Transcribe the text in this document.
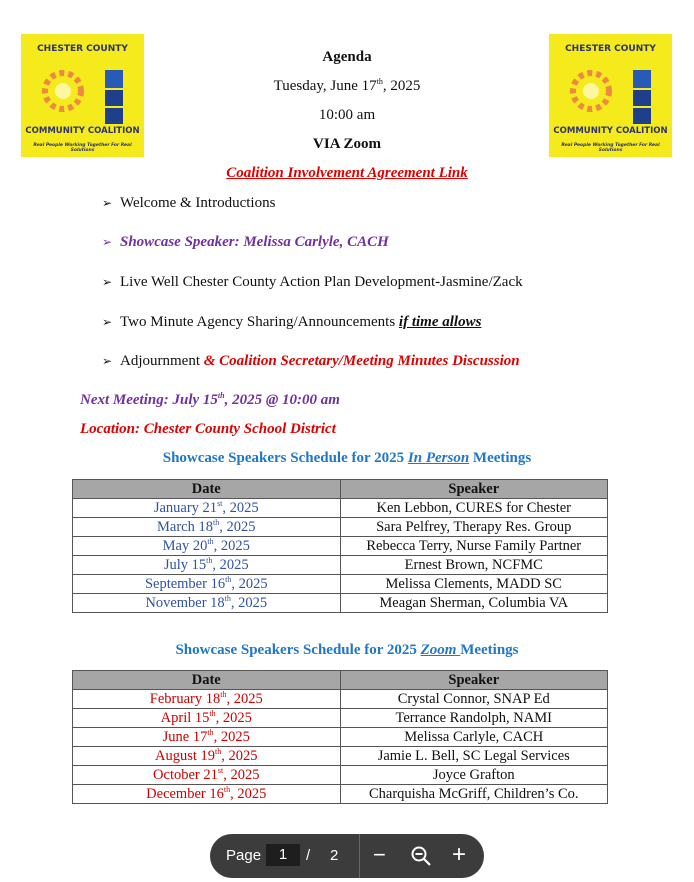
CHESTER COUNTY
COMMUNITY COALITION
Real People Working Together For Real Solutions
CHESTER COUNTY
COMMUNITY COALITION
Real People Working Together For Real Solutions
Agenda
Tuesday, June 17th, 2025
10:00 am
VIA Zoom
Coalition Involvement Agreement Link
➢ Welcome & Introductions
➢ Showcase Speaker: Melissa Carlyle, CACH
➢ Live Well Chester County Action Plan Development-Jasmine/Zack
➢ Two Minute Agency Sharing/Announcements if time allows
➢ Adjournment & Coalition Secretary/Meeting Minutes Discussion
Next Meeting: July 15th, 2025 @ 10:00 am
Location: Chester County School District
Showcase Speakers Schedule for 2025 In Person Meetings
Date	Speaker
January 21st, 2025	Ken Lebbon, CURES for Chester
March 18th, 2025	Sara Pelfrey, Therapy Res. Group
May 20th, 2025	Rebecca Terry, Nurse Family Partner
July 15th, 2025	Ernest Brown, NCFMC
September 16th, 2025	Melissa Clements, MADD SC
November 18th, 2025	Meagan Sherman, Columbia VA
Showcase Speakers Schedule for 2025 Zoom Meetings
Date	Speaker
February 18th, 2025	Crystal Connor, SNAP Ed
April 15th, 2025	Terrance Randolph, NAMI
June 17th, 2025	Melissa Carlyle, CACH
August 19th, 2025	Jamie L. Bell, SC Legal Services
October 21st, 2025	Joyce Grafton
December 16th, 2025	Charquisha McGriff, Children’s Co.
Page	1	/ 2 −	+
